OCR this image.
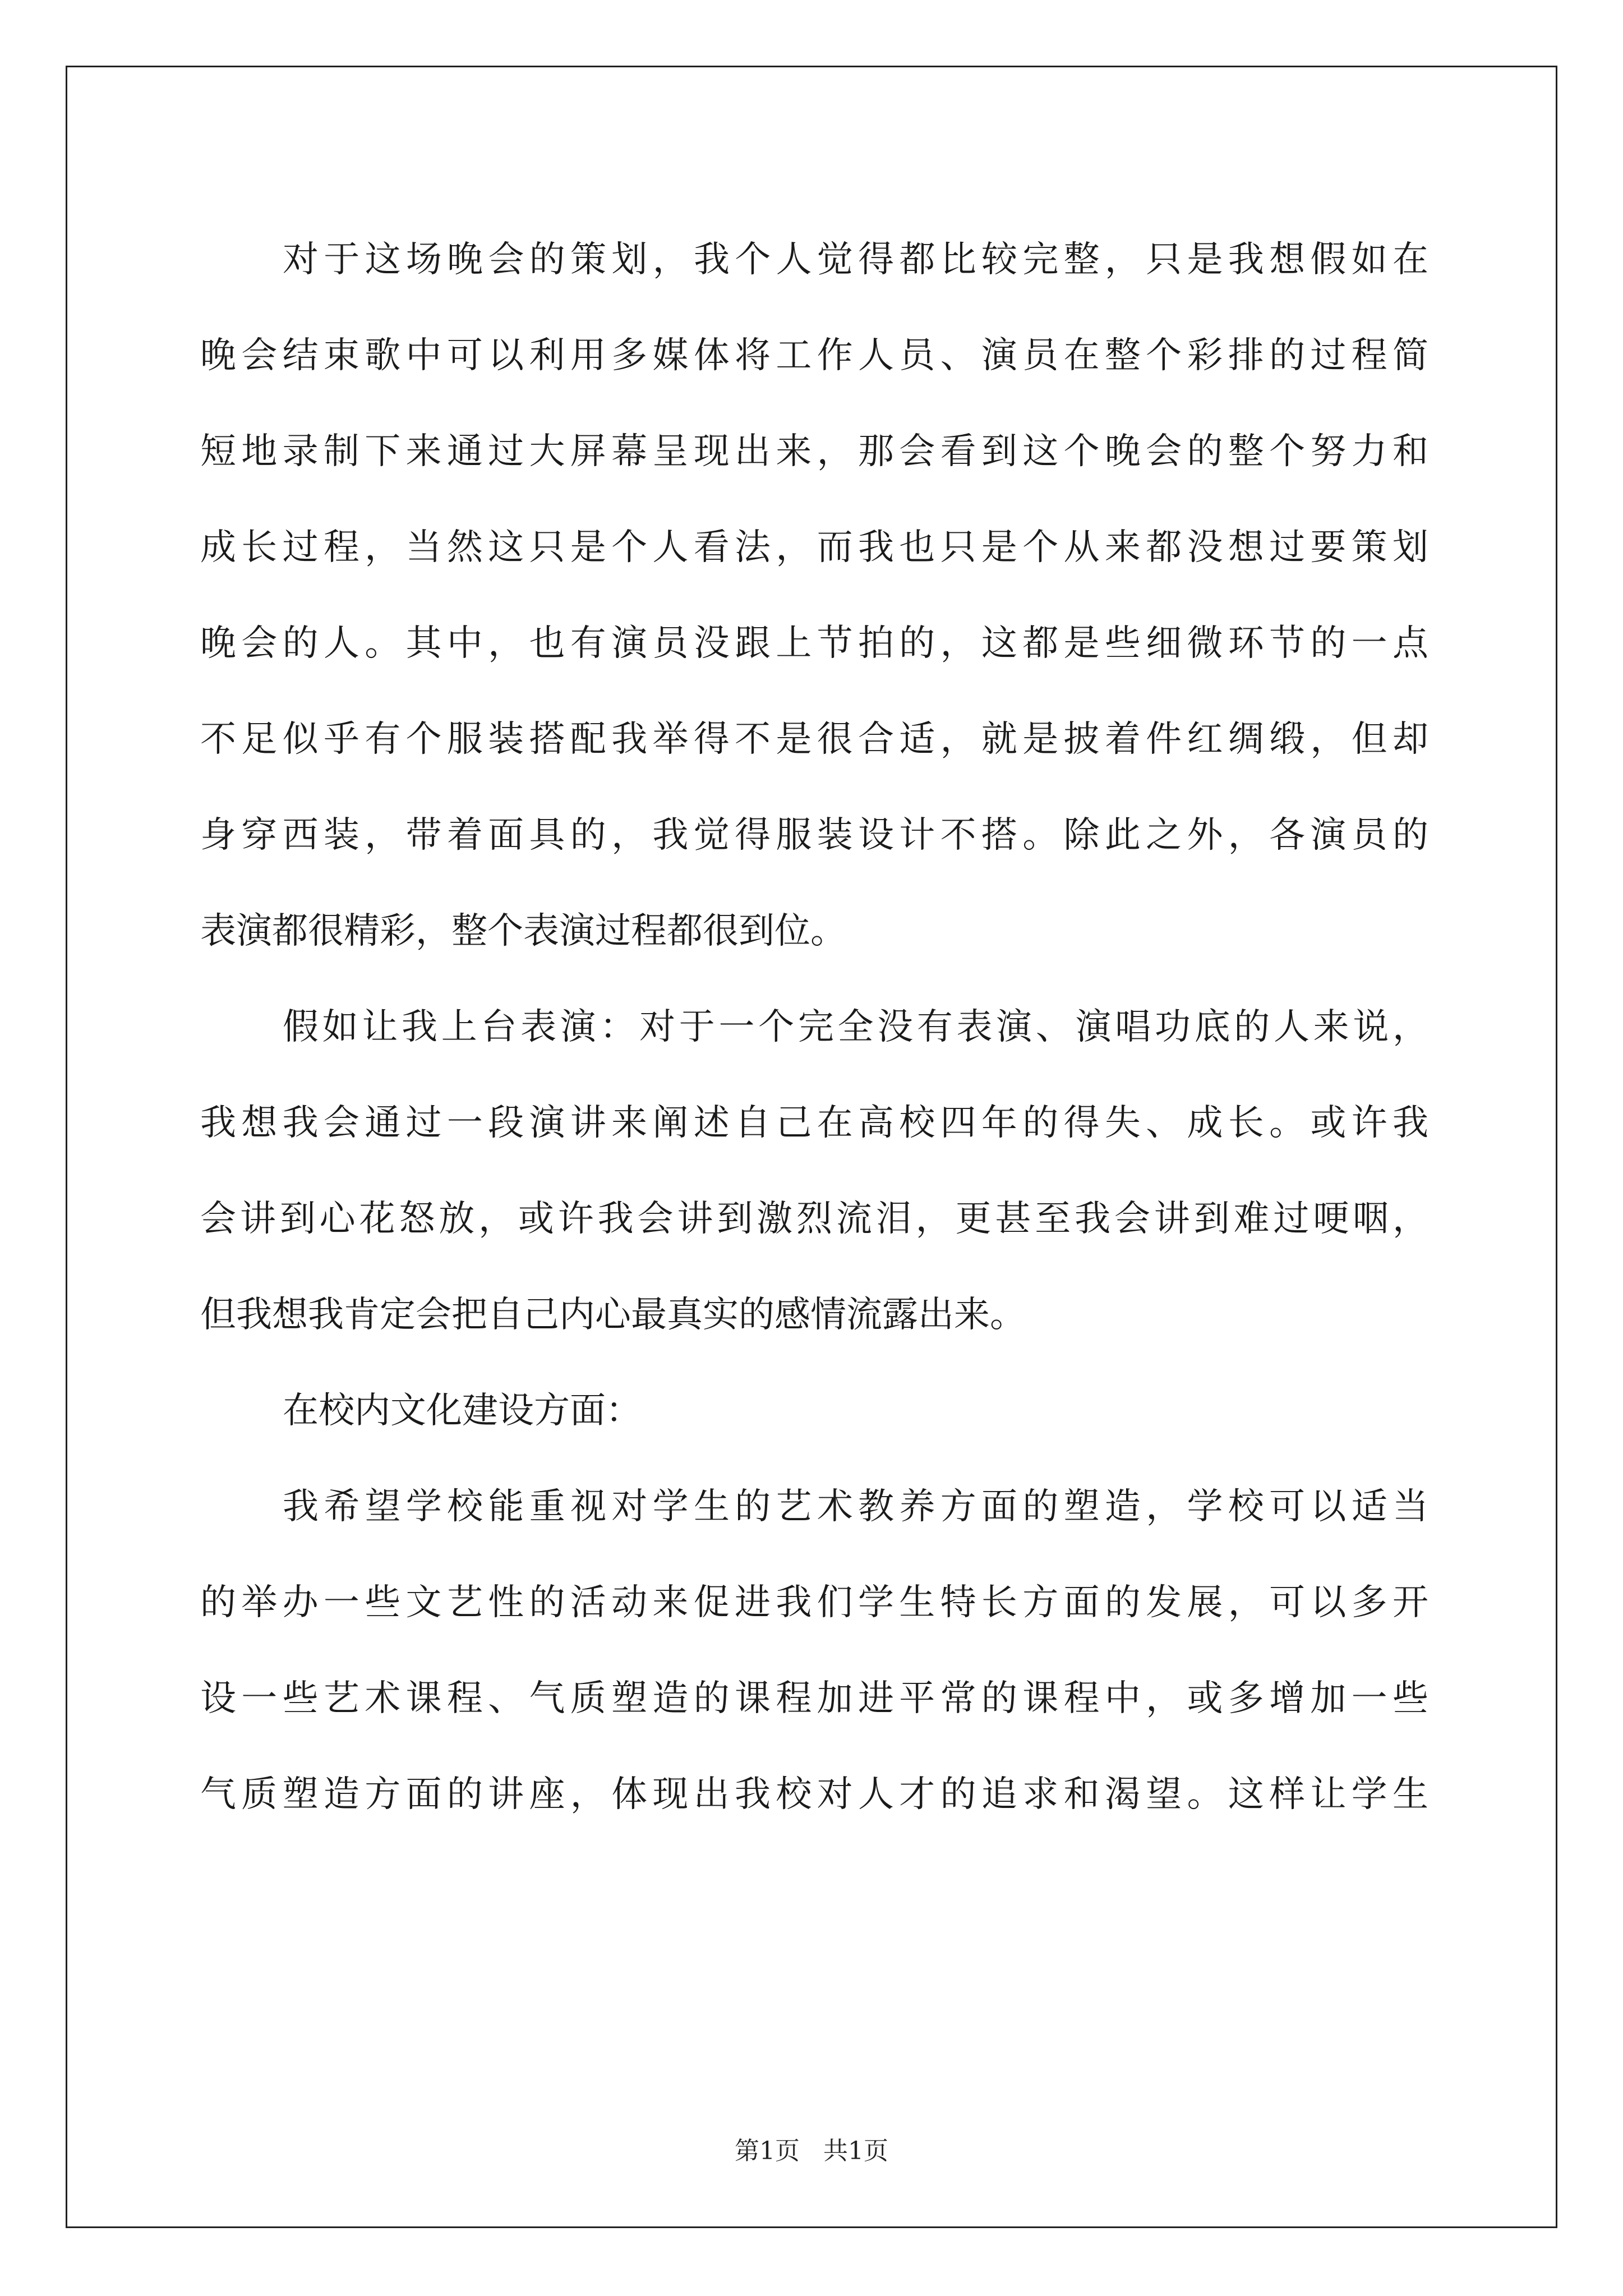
对于这场晚会的策划，我个人觉得都比较完整，只是我想假如在
晚会结束歌中可以利用多媒体将工作人员、演员在整个彩排的过程简
短地录制下来通过大屏幕呈现出来，那会看到这个晚会的整个努力和
成长过程，当然这只是个人看法，而我也只是个从来都没想过要策划
晚会的人。其中，也有演员没跟上节拍的，这都是些细微环节的一点
不足似乎有个服装搭配我举得不是很合适，就是披着件红绸缎，但却
身穿西装，带着面具的，我觉得服装设计不搭。除此之外，各演员的
表演都很精彩，整个表演过程都很到位。
假如让我上台表演：对于一个完全没有表演、演唱功底的人来说，
我想我会通过一段演讲来阐述自己在高校四年的得失、成长。或许我
会讲到心花怒放，或许我会讲到激烈流泪，更甚至我会讲到难过哽咽，
但我想我肯定会把自己内心最真实的感情流露出来。
在校内文化建设方面：
我希望学校能重视对学生的艺术教养方面的塑造，学校可以适当
的举办一些文艺性的活动来促进我们学生特长方面的发展，可以多开
设一些艺术课程、气质塑造的课程加进平常的课程中，或多增加一些
气质塑造方面的讲座，体现出我校对人才的追求和渴望。这样让学生
第1页   共1页
